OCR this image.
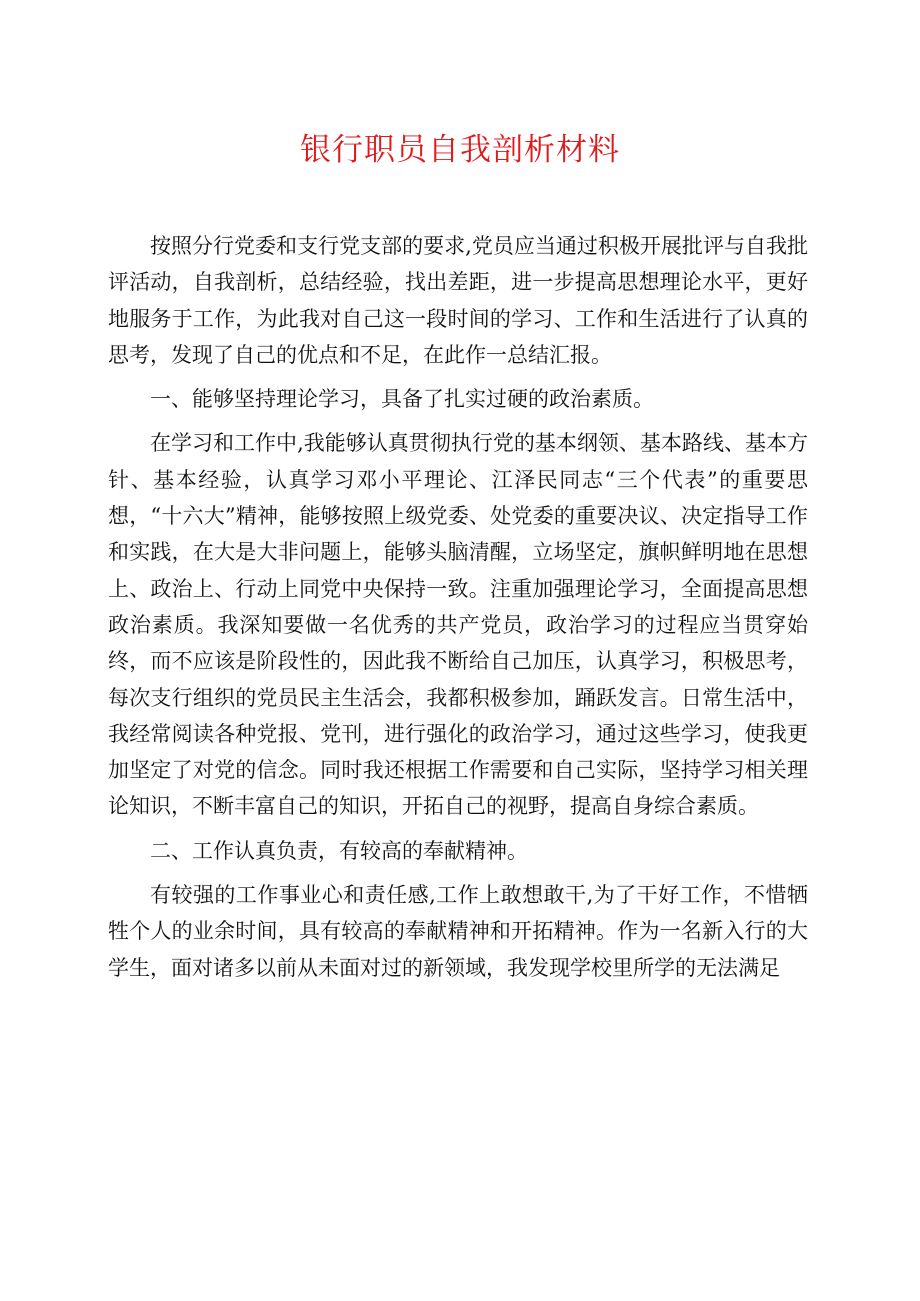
银行职员自我剖析材料

按照分行党委和支行党支部的要求,党员应当通过积极开展批评与自我批评活动，自我剖析，总结经验，找出差距，进一步提高思想理论水平，更好地服务于工作，为此我对自己这一段时间的学习、工作和生活进行了认真的思考，发现了自己的优点和不足，在此作一总结汇报。

一、能够坚持理论学习，具备了扎实过硬的政治素质。

在学习和工作中,我能够认真贯彻执行党的基本纲领、基本路线、基本方针、基本经验，认真学习邓小平理论、江泽民同志“三个代表”的重要思想，“十六大”精神，能够按照上级党委、处党委的重要决议、决定指导工作和实践，在大是大非问题上，能够头脑清醒，立场坚定，旗帜鲜明地在思想上、政治上、行动上同党中央保持一致。注重加强理论学习，全面提高思想政治素质。我深知要做一名优秀的共产党员，政治学习的过程应当贯穿始终，而不应该是阶段性的，因此我不断给自己加压，认真学习，积极思考，每次支行组织的党员民主生活会，我都积极参加，踊跃发言。日常生活中，我经常阅读各种党报、党刊，进行强化的政治学习，通过这些学习，使我更加坚定了对党的信念。同时我还根据工作需要和自己实际，坚持学习相关理论知识，不断丰富自己的知识，开拓自己的视野，提高自身综合素质。

二、工作认真负责，有较高的奉献精神。

有较强的工作事业心和责任感,工作上敢想敢干,为了干好工作，不惜牺牲个人的业余时间，具有较高的奉献精神和开拓精神。作为一名新入行的大学生，面对诸多以前从未面对过的新领域，我发现学校里所学的无法满足
